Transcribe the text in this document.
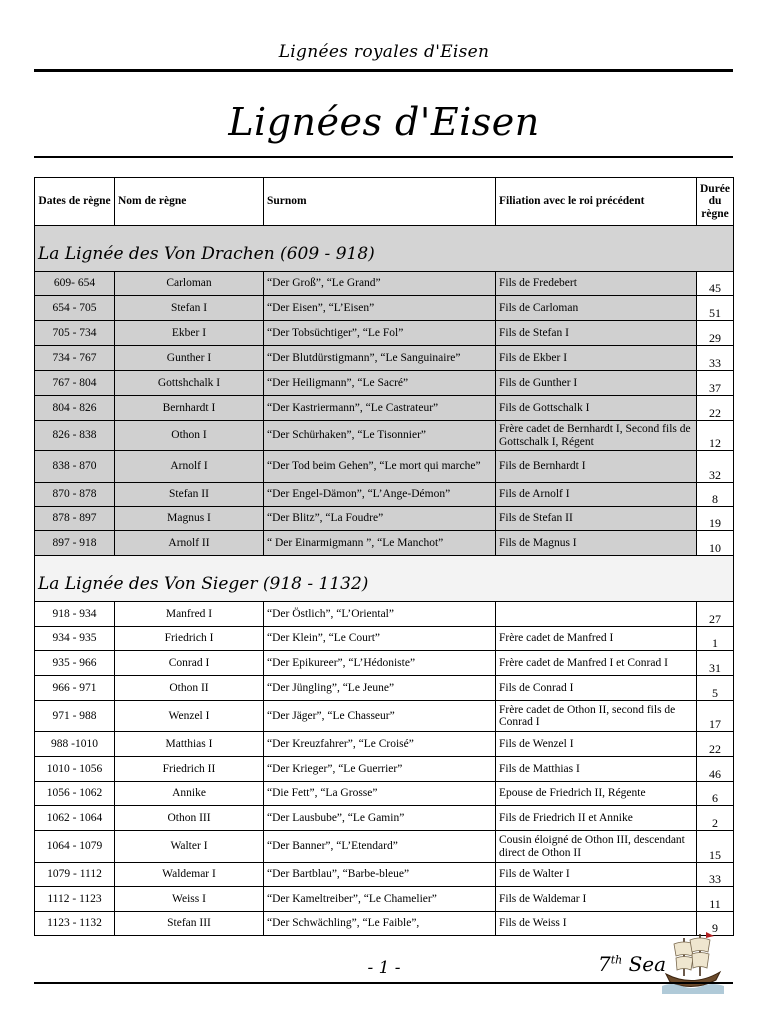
Lignées royales d'Eisen
Lignées d'Eisen
Dates de règne	Nom de règne	Surnom	Filiation avec le roi précédent	Durée du règne

La Lignée des Von Drachen (609 - 918)				
609- 654	Carloman	“Der Groß”, “Le Grand”	Fils de Fredebert	45
654 - 705	Stefan I	“Der Eisen”, “L’Eisen”	Fils de Carloman	51
705 - 734	Ekber I	“Der Tobsüchtiger”, “Le Fol”	Fils de Stefan I	29
734 - 767	Gunther I	“Der Blutdürstigmann”, “Le Sanguinaire”	Fils de Ekber I	33
767 - 804	Gottshchalk I	“Der Heiligmann”, “Le Sacré”	Fils de Gunther I	37
804 - 826	Bernhardt I	“Der Kastriermann”, “Le Castrateur”	Fils de Gottschalk I	22
826 - 838	Othon I	“Der Schürhaken”, “Le Tisonnier”	Frère cadet de Bernhardt I, Second fils de Gottschalk I, Régent	12
838 - 870	Arnolf I	“Der Tod beim Gehen”, “Le mort qui marche”	Fils de Bernhardt I	32
870 - 878	Stefan II	“Der Engel-Dämon”, “L’Ange-Démon”	Fils de Arnolf I	8
878 - 897	Magnus I	“Der Blitz”, “La Foudre”	Fils de Stefan II	19
897 - 918	Arnolf II	“ Der Einarmigmann ”, “Le Manchot”	Fils de Magnus I	10

La Lignée des Von Sieger (918 - 1132)				
918 - 934	Manfred I	“Der Östlich”, “L’Oriental”		27
934 - 935	Friedrich I	“Der Klein”, “Le Court”	Frère cadet de Manfred I	1
935 - 966	Conrad I	“Der Epikureer”, “L’Hédoniste”	Frère cadet de Manfred I et Conrad I	31
966 - 971	Othon II	“Der Jüngling”, “Le Jeune”	Fils de Conrad I	5
971 - 988	Wenzel I	“Der Jäger”, “Le Chasseur”	Frère cadet de Othon II, second fils de Conrad I	17
988 -1010	Matthias I	“Der Kreuzfahrer”, “Le Croisé”	Fils de Wenzel I	22
1010 - 1056	Friedrich II	“Der Krieger”, “Le Guerrier”	Fils de Matthias I	46
1056 - 1062	Annike	“Die Fett”, “La Grosse”	Epouse de Friedrich II, Régente	6
1062 - 1064	Othon III	“Der Lausbube”, “Le Gamin”	Fils de Friedrich II et Annike	2
1064 - 1079	Walter I	“Der Banner”, “L’Etendard”	Cousin éloigné de Othon III, descendant direct de Othon II	15
1079 - 1112	Waldemar I	“Der Bartblau”, “Barbe-bleue”	Fils de Walter I	33
1112 - 1123	Weiss I	“Der Kameltreiber”, “Le Chamelier”	Fils de Waldemar I	11
1123 - 1132	Stefan III	“Der Schwächling”, “Le Faible”,	Fils de Weiss I	9
- 1 -	7th Sea
